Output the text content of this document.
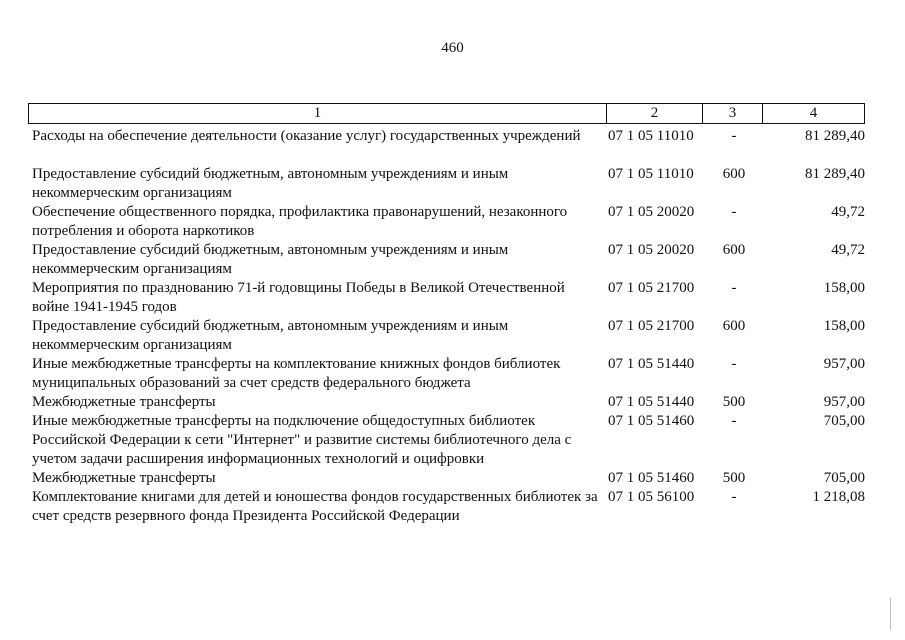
460
1	2	3	4
Расходы на обеспечение деятельности (оказание услуг) государственных учреждений	07 1 05 11010	-	81 289,40
Предоставление субсидий бюджетным, автономным учреждениям и иным
некоммерческим организациям
07 1 05 11010	600	81 289,40
Обеспечение общественного порядка, профилактика правонарушений, незаконного
потребления и оборота наркотиков
07 1 05 20020	-	49,72
Предоставление субсидий бюджетным, автономным учреждениям и иным
некоммерческим организациям
07 1 05 20020	600	49,72
Мероприятия по празднованию 71-й годовщины Победы в Великой Отечественной
войне 1941-1945 годов
07 1 05 21700	-	158,00
Предоставление субсидий бюджетным, автономным учреждениям и иным
некоммерческим организациям
07 1 05 21700	600	158,00
Иные межбюджетные трансферты на комплектование книжных фондов библиотек
муниципальных образований за счет средств федерального бюджета
07 1 05 51440	-	957,00
Межбюджетные трансферты	07 1 05 51440	500	957,00
Иные межбюджетные трансферты на подключение общедоступных библиотек
Российской Федерации к сети "Интернет" и развитие системы библиотечного дела с
учетом задачи расширения информационных технологий и оцифровки
07 1 05 51460	-	705,00
Межбюджетные трансферты	07 1 05 51460	500	705,00
Комплектование книгами для детей и юношества фондов государственных библиотек за
счет средств резервного фонда Президента Российской Федерации
07 1 05 56100	-	1 218,08
